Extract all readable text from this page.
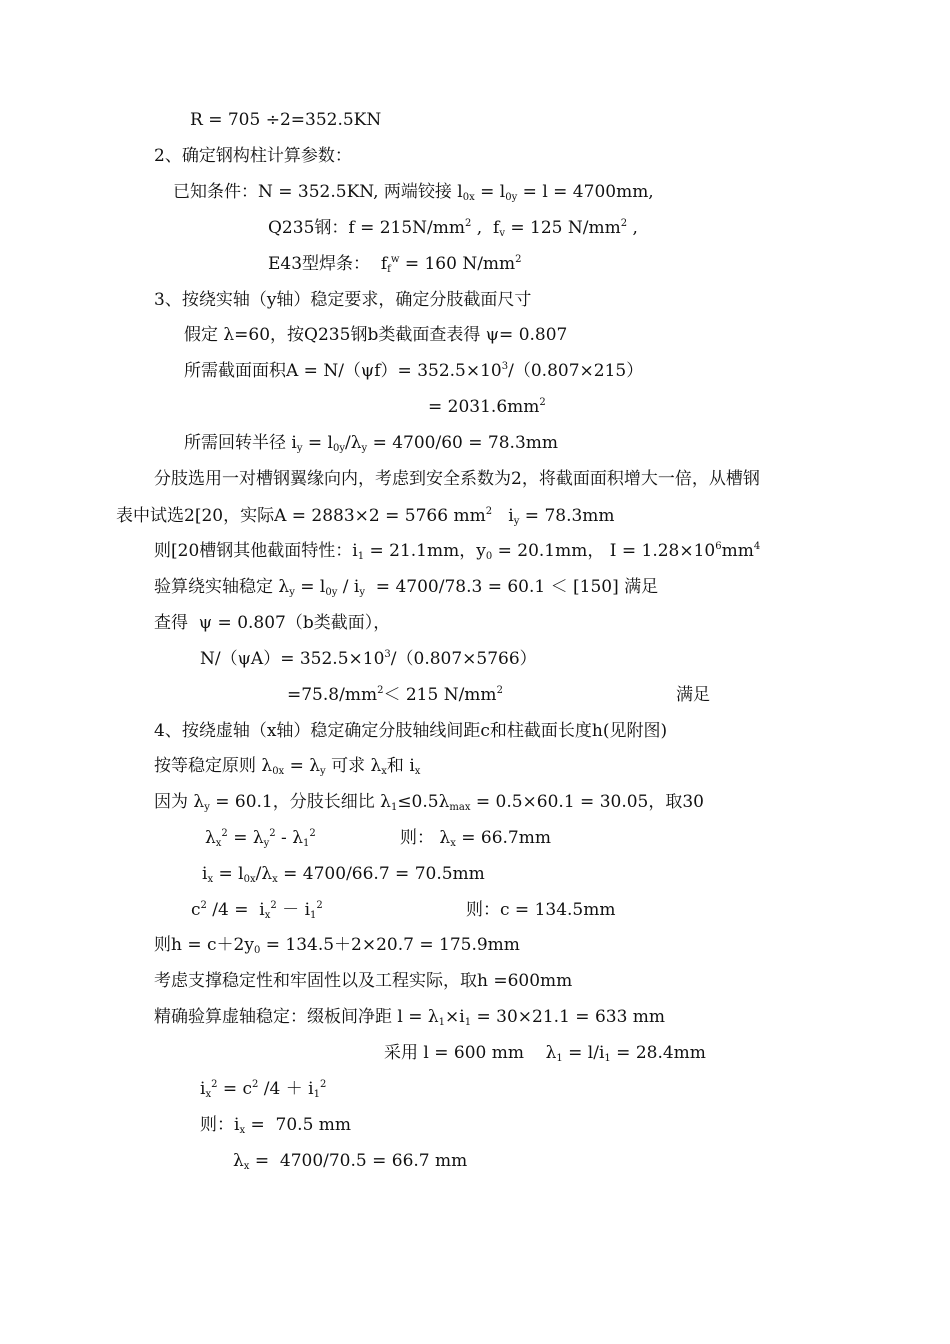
R = 705 ÷2=352.5KN
2、确定钢构柱计算参数：
已知条件：N = 352.5KN, 两端铰接 $l_{0x} = l_{0y} = l = 4700mm$,
Q235钢：$f = 215N/mm^2$ ,  $f_v = 125$ $N/mm^2$ ,
E43型焊条：  $f_f^w = 160$ $N/mm^2$
3、按绕实轴（y轴）稳定要求，确定分肢截面尺寸
假定 λ=60，按Q235钢b类截面查表得 ψ= 0.807
所需截面面积$A = N/(\psi f)= 352.5\times 10^3/(0.807\times 215)$
= $2031.6mm^2$
所需回转半径 $i_y = l_{0y}/\lambda_y = 4700/60 = 78.3mm$
分肢选用一对槽钢翼缘向内，考虑到安全系数为2，将截面面积增大一倍，从槽钢
表中试选2[20，实际A = 2883×2 = 5766 $mm^2$   $i_y = 78.3mm$
则[20槽钢其他截面特性：$i_1 = 21.1mm$，$y_0 = 20.1mm$， $I = 1.28\times 10^6mm^4$
验算绕实轴稳定 $\lambda_y = l_{0y} / i_y = 4700/78.3 = 60.1 < [150]$ 满足
查得  ψ = 0.807（b类截面），
$N/(\psi A)= 352.5\times 10^3/(0.807\times 5766)$
$=75.8/mm^2< 215$ $N/mm^2$	满足
4、按绕虚轴（x轴）稳定确定分肢轴线间距c和柱截面长度h(见附图)
按等稳定原则 $\lambda_{0x} = \lambda_y$ 可求 $\lambda_x$和 $i_x$
因为 $\lambda_y = 60.1$，分肢长细比 $\lambda_1\le 0.5\lambda_{max} = 0.5\times 60.1 = 30.05$，取30
$\lambda_x^2 = \lambda_y^2 - \lambda_1^2$	则： $\lambda_x = 66.7mm$
$i_x = l_{0x}/\lambda_x = 4700/66.7 = 70.5mm$
$c^2$ $/4 = i_x^2 - i_1^2$	则：c = 134.5mm
则$h = c+2y_0 = 134.5+2\times 20.7 = 175.9mm$
考虑支撑稳定性和牢固性以及工程实际，取h =600mm
精确验算虚轴稳定：缀板间净距 $l = \lambda_1\times i_1 = 30\times 21.1 = 633$ mm
采用 l = 600 mm    $\lambda_1 = l/i_1 = 28.4mm$
$i_x^2 = c^2$ $/4 + i_1^2$
则：$i_x = 70.5$ mm
$\lambda_x = 4700/70.5 = 66.7$ mm
